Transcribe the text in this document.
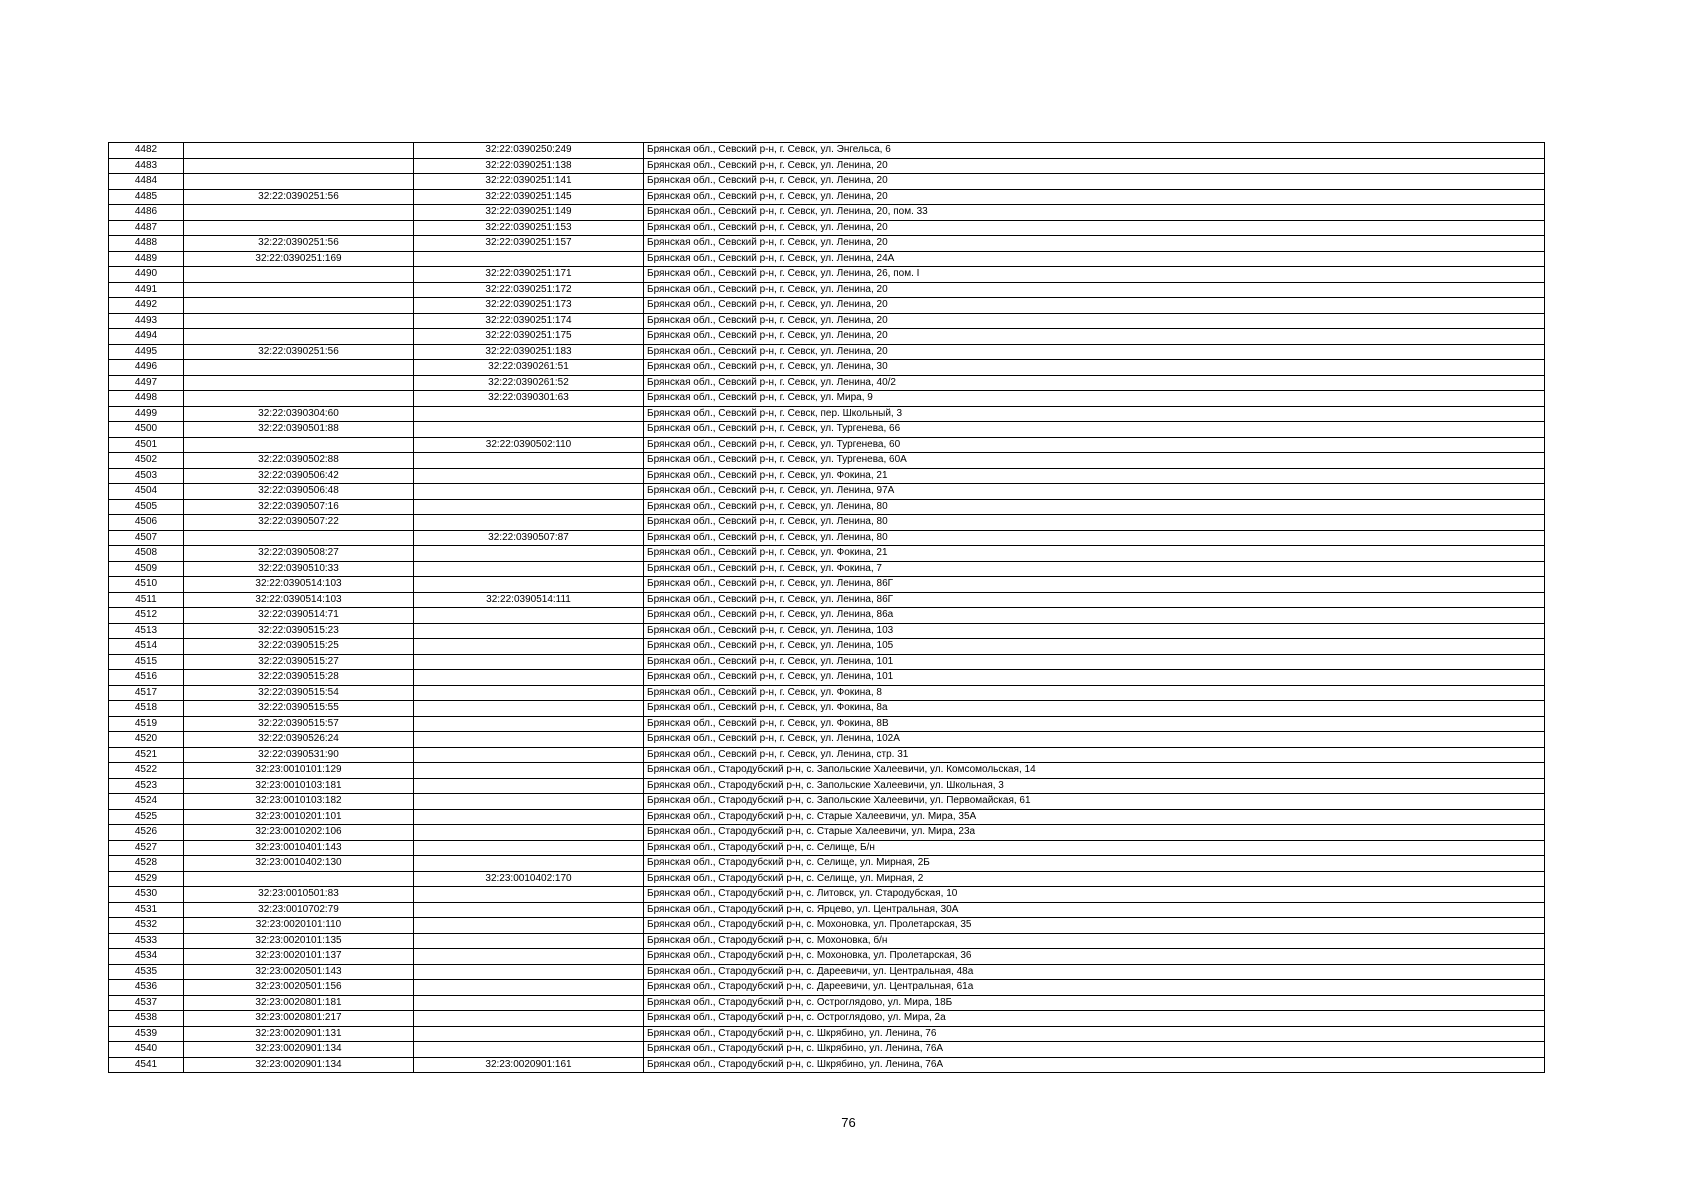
4482		32:22:0390250:249	Брянская обл., Севский р-н, г. Севск, ул. Энгельса, 6
4483		32:22:0390251:138	Брянская обл., Севский р-н, г. Севск, ул. Ленина, 20
4484		32:22:0390251:141	Брянская обл., Севский р-н, г. Севск, ул. Ленина, 20
4485	32:22:0390251:56	32:22:0390251:145	Брянская обл., Севский р-н, г. Севск, ул. Ленина, 20
4486		32:22:0390251:149	Брянская обл., Севский р-н, г. Севск, ул. Ленина, 20, пом. 33
4487		32:22:0390251:153	Брянская обл., Севский р-н, г. Севск, ул. Ленина, 20
4488	32:22:0390251:56	32:22:0390251:157	Брянская обл., Севский р-н, г. Севск, ул. Ленина, 20
4489	32:22:0390251:169		Брянская обл., Севский р-н, г. Севск, ул. Ленина, 24А
4490		32:22:0390251:171	Брянская обл., Севский р-н, г. Севск, ул. Ленина, 26, пом. I
4491		32:22:0390251:172	Брянская обл., Севский р-н, г. Севск, ул. Ленина, 20
4492		32:22:0390251:173	Брянская обл., Севский р-н, г. Севск, ул. Ленина, 20
4493		32:22:0390251:174	Брянская обл., Севский р-н, г. Севск, ул. Ленина, 20
4494		32:22:0390251:175	Брянская обл., Севский р-н, г. Севск, ул. Ленина, 20
4495	32:22:0390251:56	32:22:0390251:183	Брянская обл., Севский р-н, г. Севск, ул. Ленина, 20
4496		32:22:0390261:51	Брянская обл., Севский р-н, г. Севск, ул. Ленина, 30
4497		32:22:0390261:52	Брянская обл., Севский р-н, г. Севск, ул. Ленина, 40/2
4498		32:22:0390301:63	Брянская обл., Севский р-н, г. Севск, ул. Мира, 9
4499	32:22:0390304:60		Брянская обл., Севский р-н, г. Севск, пер. Школьный, 3
4500	32:22:0390501:88		Брянская обл., Севский р-н, г. Севск, ул. Тургенева, 66
4501		32:22:0390502:110	Брянская обл., Севский р-н, г. Севск, ул. Тургенева, 60
4502	32:22:0390502:88		Брянская обл., Севский р-н, г. Севск, ул. Тургенева, 60А
4503	32:22:0390506:42		Брянская обл., Севский р-н, г. Севск, ул. Фокина, 21
4504	32:22:0390506:48		Брянская обл., Севский р-н, г. Севск, ул. Ленина, 97А
4505	32:22:0390507:16		Брянская обл., Севский р-н, г. Севск, ул. Ленина, 80
4506	32:22:0390507:22		Брянская обл., Севский р-н, г. Севск, ул. Ленина, 80
4507		32:22:0390507:87	Брянская обл., Севский р-н, г. Севск, ул. Ленина, 80
4508	32:22:0390508:27		Брянская обл., Севский р-н, г. Севск, ул. Фокина, 21
4509	32:22:0390510:33		Брянская обл., Севский р-н, г. Севск, ул. Фокина, 7
4510	32:22:0390514:103		Брянская обл., Севский р-н, г. Севск, ул. Ленина, 86Г
4511	32:22:0390514:103	32:22:0390514:111	Брянская обл., Севский р-н, г. Севск, ул. Ленина, 86Г
4512	32:22:0390514:71		Брянская обл., Севский р-н, г. Севск, ул. Ленина, 86а
4513	32:22:0390515:23		Брянская обл., Севский р-н, г. Севск, ул. Ленина, 103
4514	32:22:0390515:25		Брянская обл., Севский р-н, г. Севск, ул. Ленина, 105
4515	32:22:0390515:27		Брянская обл., Севский р-н, г. Севск, ул. Ленина, 101
4516	32:22:0390515:28		Брянская обл., Севский р-н, г. Севск, ул. Ленина, 101
4517	32:22:0390515:54		Брянская обл., Севский р-н, г. Севск, ул. Фокина, 8
4518	32:22:0390515:55		Брянская обл., Севский р-н, г. Севск, ул. Фокина, 8а
4519	32:22:0390515:57		Брянская обл., Севский р-н, г. Севск, ул. Фокина, 8В
4520	32:22:0390526:24		Брянская обл., Севский р-н, г. Севск, ул. Ленина, 102А
4521	32:22:0390531:90		Брянская обл., Севский р-н, г. Севск, ул. Ленина, стр. 31
4522	32:23:0010101:129		Брянская обл., Стародубский р-н, с. Запольские Халеевичи, ул. Комсомольская, 14
4523	32:23:0010103:181		Брянская обл., Стародубский р-н, с. Запольские Халеевичи, ул. Школьная, 3
4524	32:23:0010103:182		Брянская обл., Стародубский р-н, с. Запольские Халеевичи, ул. Первомайская, 61
4525	32:23:0010201:101		Брянская обл., Стародубский р-н, с. Старые Халеевичи, ул. Мира, 35А
4526	32:23:0010202:106		Брянская обл., Стародубский р-н, с. Старые Халеевичи, ул. Мира, 23а
4527	32:23:0010401:143		Брянская обл., Стародубский р-н, с. Селище, Б/н
4528	32:23:0010402:130		Брянская обл., Стародубский р-н, с. Селище, ул. Мирная, 2Б
4529		32:23:0010402:170	Брянская обл., Стародубский р-н, с. Селище, ул. Мирная, 2
4530	32:23:0010501:83		Брянская обл., Стародубский р-н, с. Литовск, ул. Стародубская, 10
4531	32:23:0010702:79		Брянская обл., Стародубский р-н, с. Ярцево, ул. Центральная, 30А
4532	32:23:0020101:110		Брянская обл., Стародубский р-н, с. Мохоновка, ул. Пролетарская, 35
4533	32:23:0020101:135		Брянская обл., Стародубский р-н, с. Мохоновка, б/н
4534	32:23:0020101:137		Брянская обл., Стародубский р-н, с. Мохоновка, ул. Пролетарская, 36
4535	32:23:0020501:143		Брянская обл., Стародубский р-н, с. Дареевичи, ул. Центральная, 48а
4536	32:23:0020501:156		Брянская обл., Стародубский р-н, с. Дареевичи, ул. Центральная, 61а
4537	32:23:0020801:181		Брянская обл., Стародубский р-н, с. Остроглядово, ул. Мира, 18Б
4538	32:23:0020801:217		Брянская обл., Стародубский р-н, с. Остроглядово, ул. Мира, 2а
4539	32:23:0020901:131		Брянская обл., Стародубский р-н, с. Шкрябино, ул. Ленина, 76
4540	32:23:0020901:134		Брянская обл., Стародубский р-н, с. Шкрябино, ул. Ленина, 76А
4541	32:23:0020901:134	32:23:0020901:161	Брянская обл., Стародубский р-н, с. Шкрябино, ул. Ленина, 76А
76
